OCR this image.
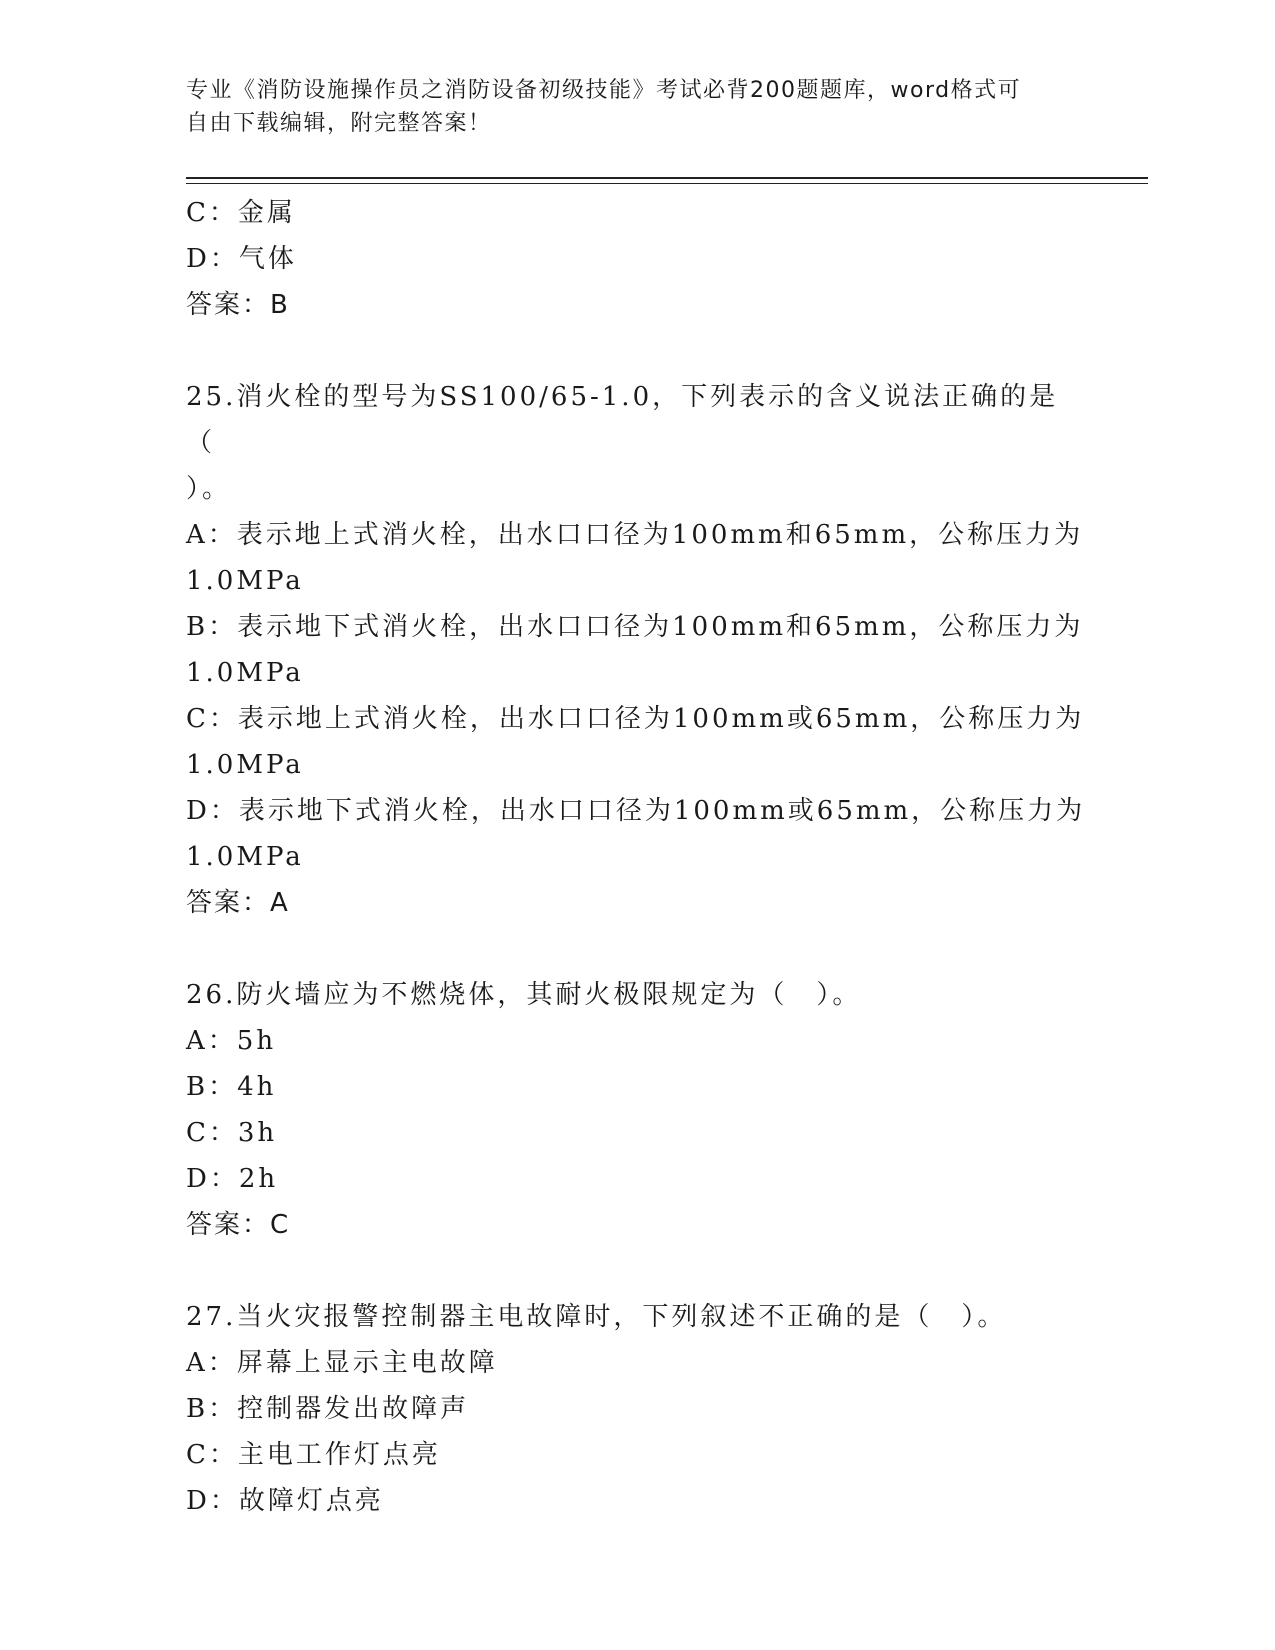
专业《消防设施操作员之消防设备初级技能》考试必背200题题库，word格式可
自由下载编辑，附完整答案！
C：金属
D：气体
答案：B
25.消火栓的型号为SS100/65-1.0，下列表示的含义说法正确的是（
）。
A：表示地上式消火栓，出水口口径为100mm和65mm，公称压力为
1.0MPa
B：表示地下式消火栓，出水口口径为100mm和65mm，公称压力为
1.0MPa
C：表示地上式消火栓，出水口口径为100mm或65mm，公称压力为
1.0MPa
D：表示地下式消火栓，出水口口径为100mm或65mm，公称压力为
1.0MPa
答案：A
26.防火墙应为不燃烧体，其耐火极限规定为（　）。
A：5h
B：4h
C：3h
D：2h
答案：C
27.当火灾报警控制器主电故障时，下列叙述不正确的是（　）。
A：屏幕上显示主电故障
B：控制器发出故障声
C：主电工作灯点亮
D：故障灯点亮
